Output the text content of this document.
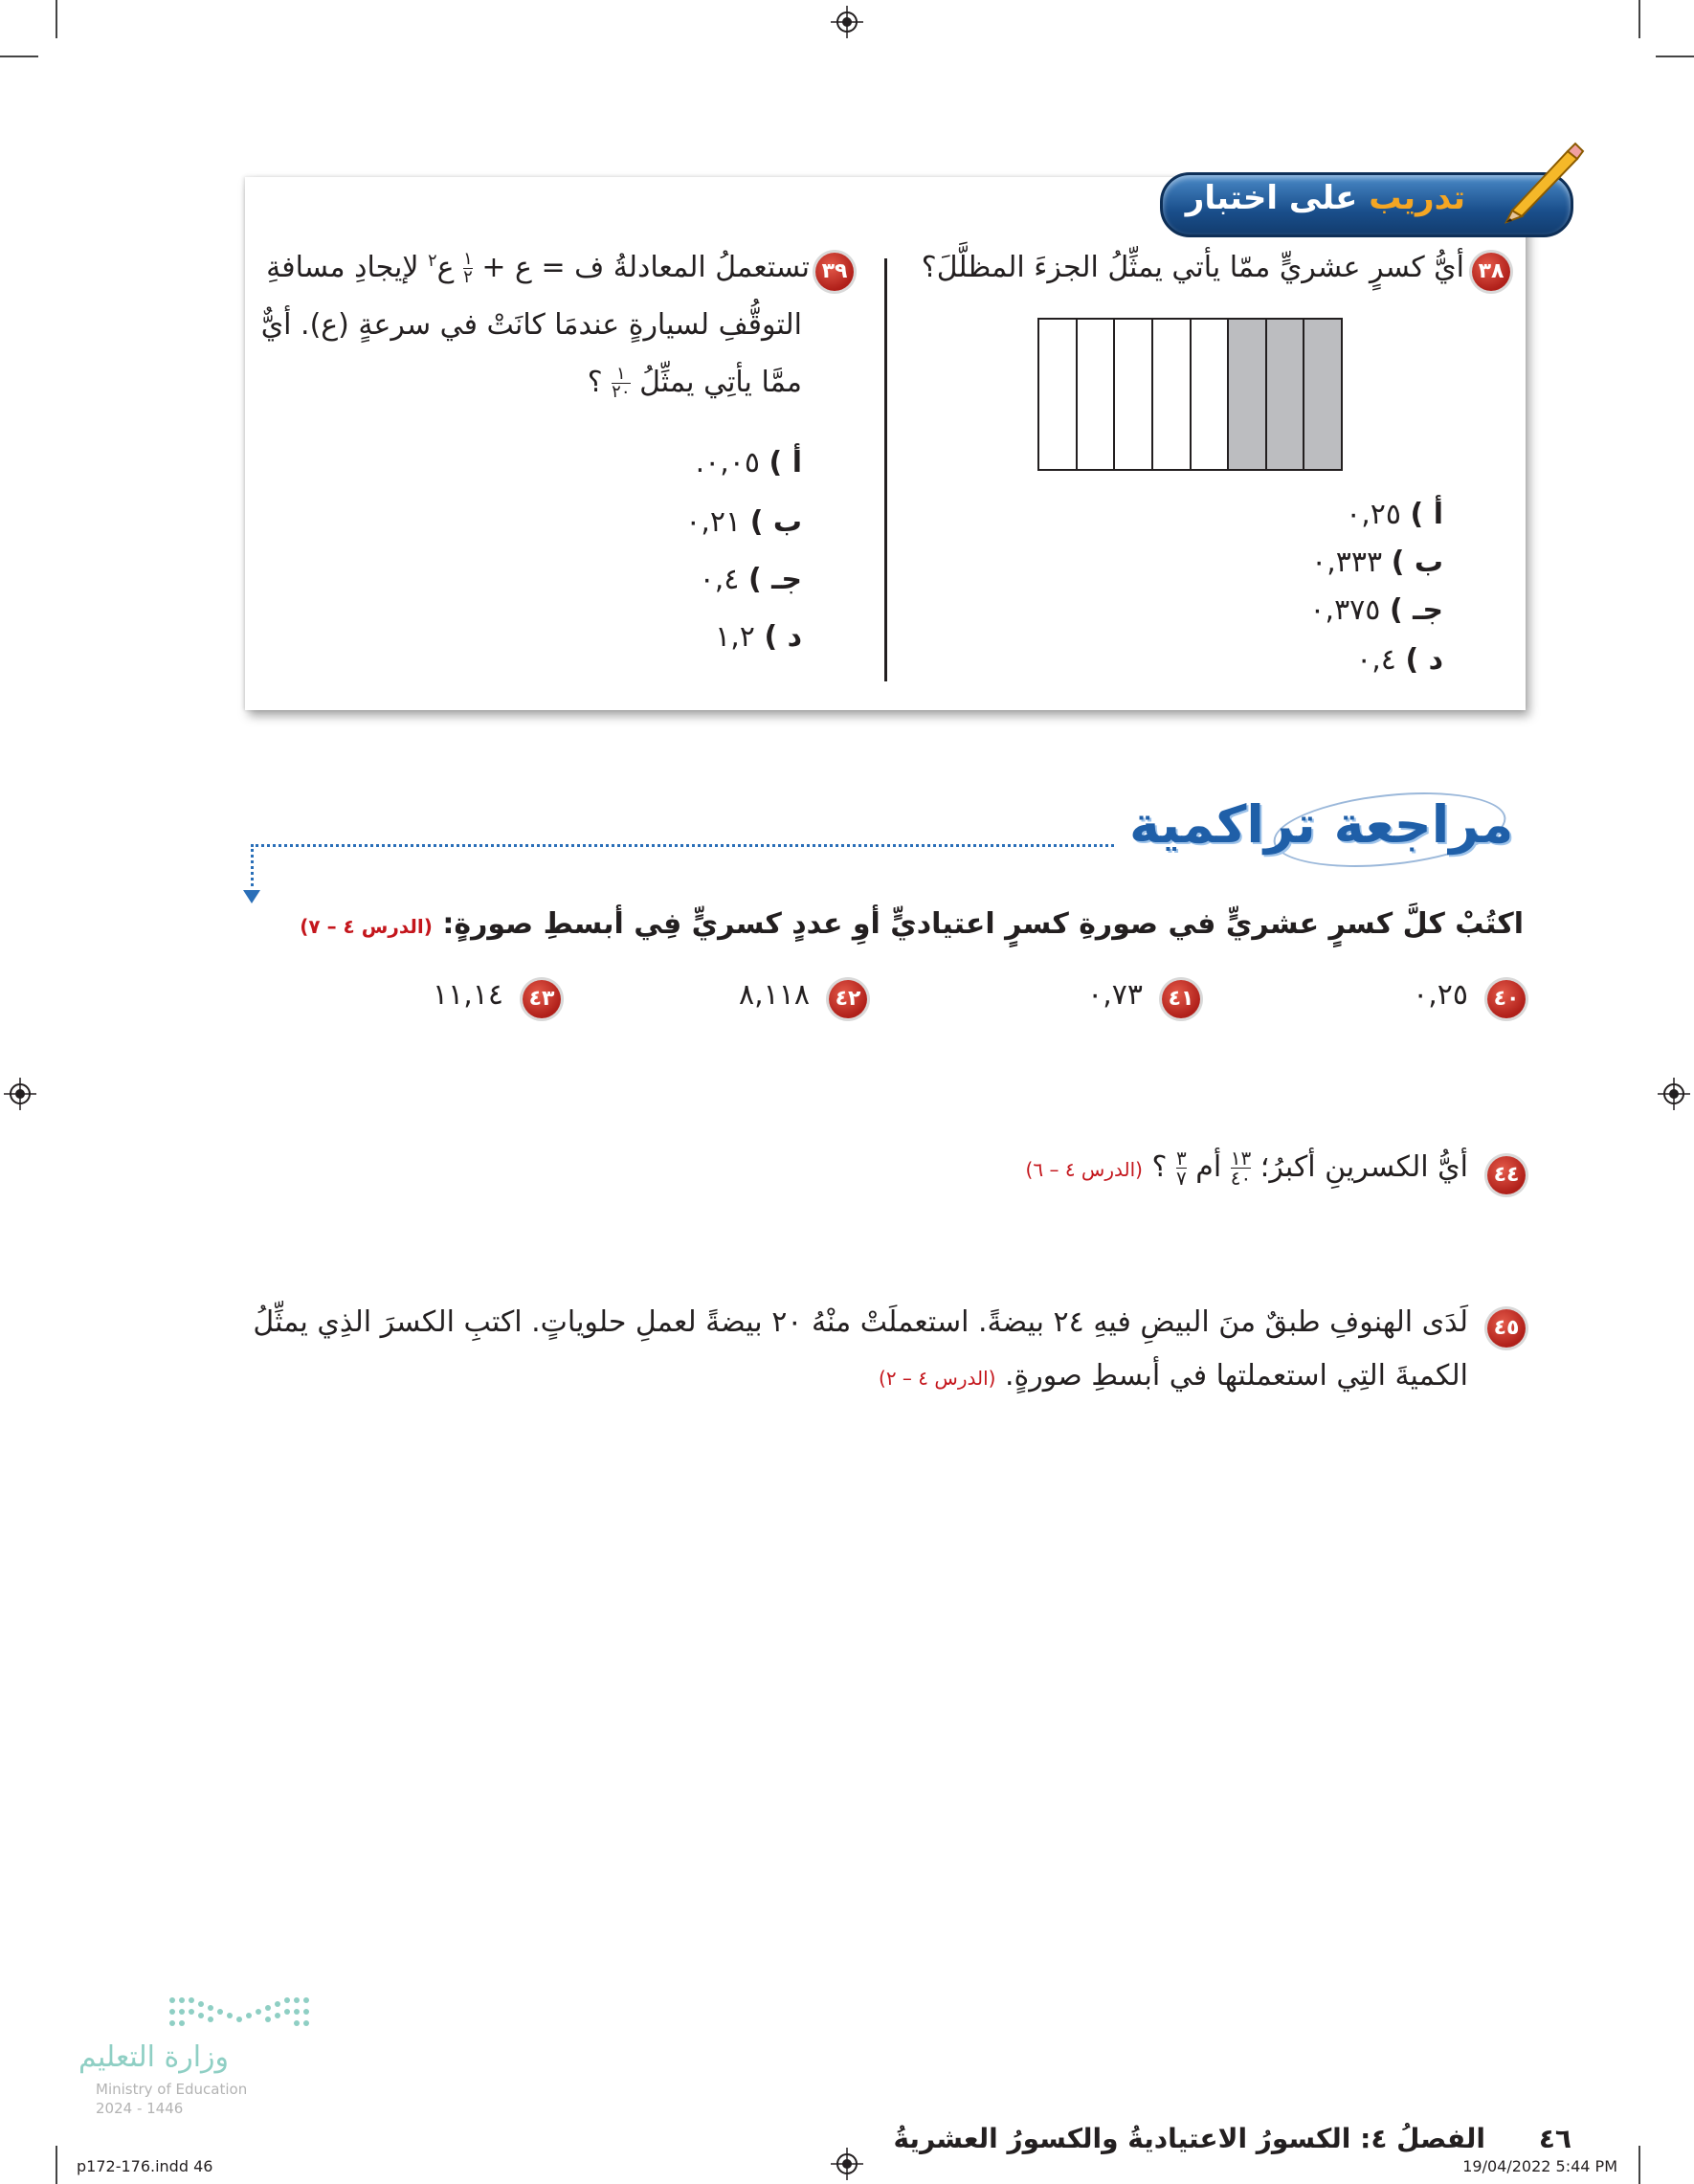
تدريب على اختبار
٣٨
أيُّ كسرٍ عشريٍّ ممّا يأتي يمثِّلُ الجزءَ المظلَّلَ؟
أ ) ٠,٢٥
ب ) ٠,٣٣٣
جـ ) ٠,٣٧٥
د ) ٠,٤
٣٩
تستعملُ المعادلةُ ف = ع +
١
٢
ع$^٢$ لإيجادِ مسافةِ
التوقُّفِ لسيارةٍ عندمَا كانَتْ في سرعةٍ (ع). أيٌّ
ممَّا يأتِي يمثِّلُ
١
٢٠
؟
أ ) ٠,٠٥.
ب ) ٠,٢١
جـ ) ٠,٤
د ) ١,٢
مراجعة تراكمية
اكتُبْ كلَّ كسرٍ عشريٍّ في صورةِ كسرٍ اعتياديٍّ أوِ عددٍ كسريٍّ فِي أبسطِ صورةٍ: (الدرس ٤ – ٧)
٤٠
٠,٢٥
٤١
٠,٧٣
٤٢
٨,١١٨
٤٣
١١,١٤
٤٤
أيُّ الكسرينِ أكبرُ؛
١٣
٤٠
أم
٣
٧
؟ (الدرس ٤ – ٦)
٤٥
لَدَى الهنوفِ طبقٌ منَ البيضِ فيهِ ٢٤ بيضةً. استعملَتْ منْهُ ٢٠ بيضةً لعملِ حلوياتٍ. اكتبِ الكسرَ الذِي يمثِّلُ
الكميةَ التِي استعملتها في أبسطِ صورةٍ. (الدرس ٤ – ٢)
وزارة التعليم
Ministry of Education
2024 - 1446
الفصلُ ٤: الكسورُ الاعتياديةُ والكسورُ العشريةُ	٤٦
p172-176.indd 46	19/04/2022 5:44 PM
